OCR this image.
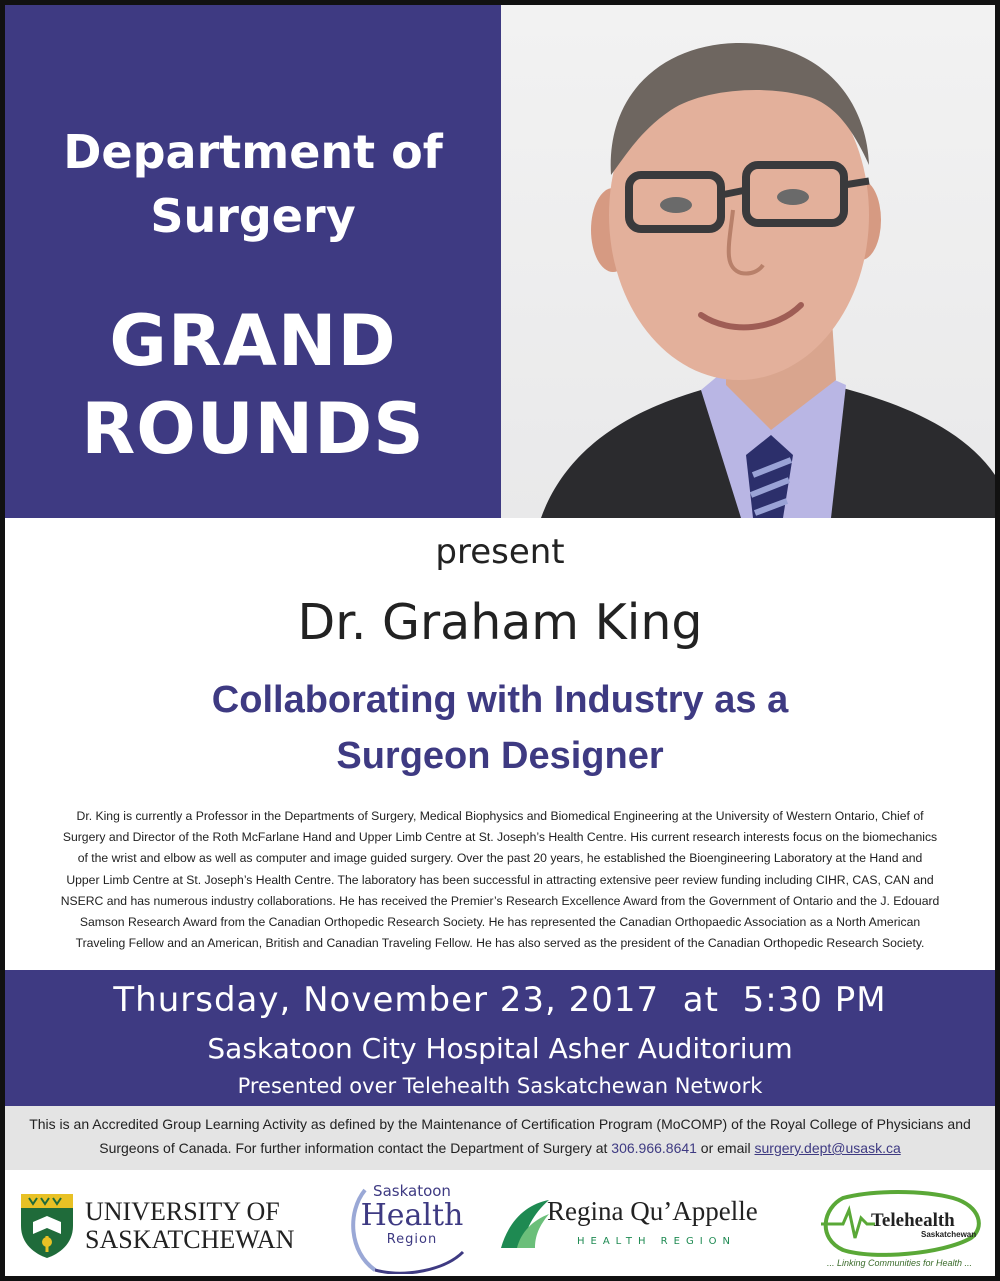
Department of
Surgery
GRAND
ROUNDS
present
Dr. Graham King
Collaborating with Industry as a
Surgeon Designer
Dr. King is currently a Professor in the Departments of Surgery, Medical Biophysics and Biomedical Engineering at the University of Western Ontario, Chief of
Surgery and Director of the Roth McFarlane Hand and Upper Limb Centre at St. Joseph’s Health Centre. His current research interests focus on the biomechanics
of the wrist and elbow as well as computer and image guided surgery. Over the past 20 years, he established the Bioengineering Laboratory at the Hand and
Upper Limb Centre at St. Joseph’s Health Centre. The laboratory has been successful in attracting extensive peer review funding including CIHR, CAS, CAN and
NSERC and has numerous industry collaborations. He has received the Premier’s Research Excellence Award from the Government of Ontario and the J. Edouard
Samson Research Award from the Canadian Orthopedic Research Society. He has represented the Canadian Orthopaedic Association as a North American
Traveling Fellow and an American, British and Canadian Traveling Fellow. He has also served as the president of the Canadian Orthopedic Research Society.
Thursday, November 23, 2017  at  5:30 PM
Saskatoon City Hospital Asher Auditorium
Presented over Telehealth Saskatchewan Network
This is an Accredited Group Learning Activity as defined by the Maintenance of Certification Program (MoCOMP) of the Royal College of Physicians and
Surgeons of Canada. For further information contact the Department of Surgery at 306.966.8641 or email surgery.dept@usask.ca
UNIVERSITY OF
SASKATCHEWAN
Saskatoon
Health
Region
Regina Qu’Appelle
HEALTH REGION
Telehealth
Saskatchewan
... Linking Communities for Health ...
